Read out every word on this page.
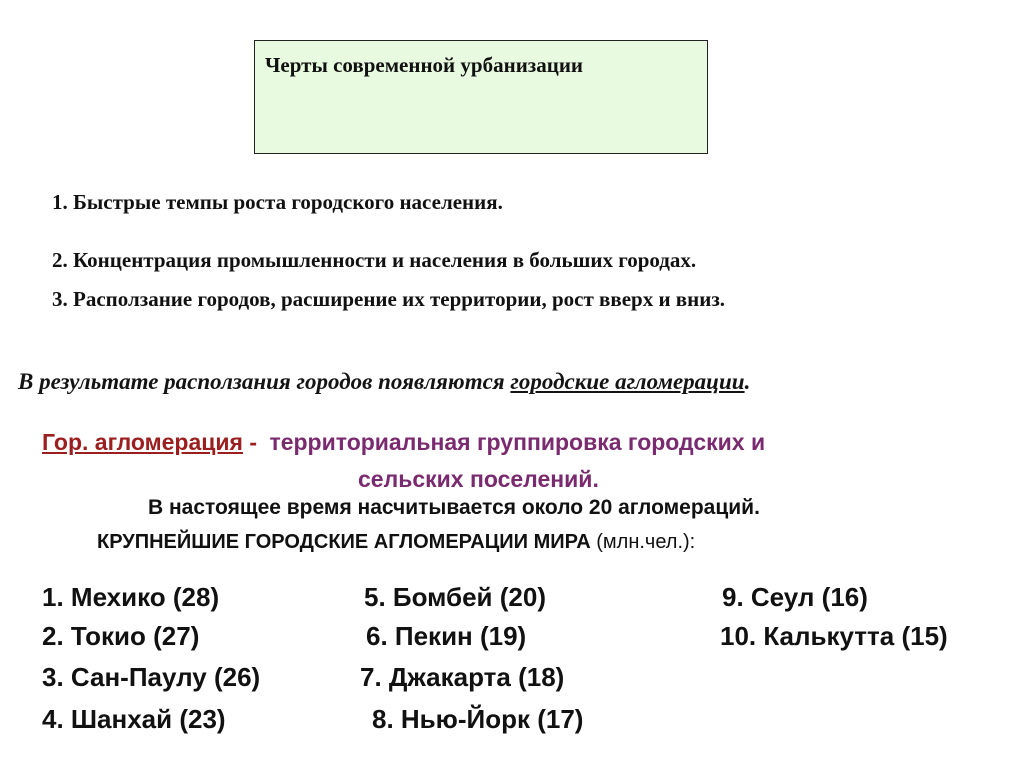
Черты современной урбанизации
1. Быстрые темпы роста городского населения.
2. Концентрация промышленности и населения в больших городах.
3. Расползание городов, расширение их территории, рост вверх и вниз.
В результате расползания городов появляются городские агломерации.
Гор. агломерация - территориальная группировка городских и
сельских поселений.
В настоящее время насчитывается около 20 агломераций.
КРУПНЕЙШИЕ ГОРОДСКИЕ АГЛОМЕРАЦИИ МИРА (млн.чел.):
1. Мехико (28)
2. Токио (27)
3. Сан-Паулу (26)
4. Шанхай (23)
5. Бомбей (20)
6. Пекин (19)
7. Джакарта (18)
8. Нью-Йорк (17)
9. Сеул (16)
10. Калькутта (15)
